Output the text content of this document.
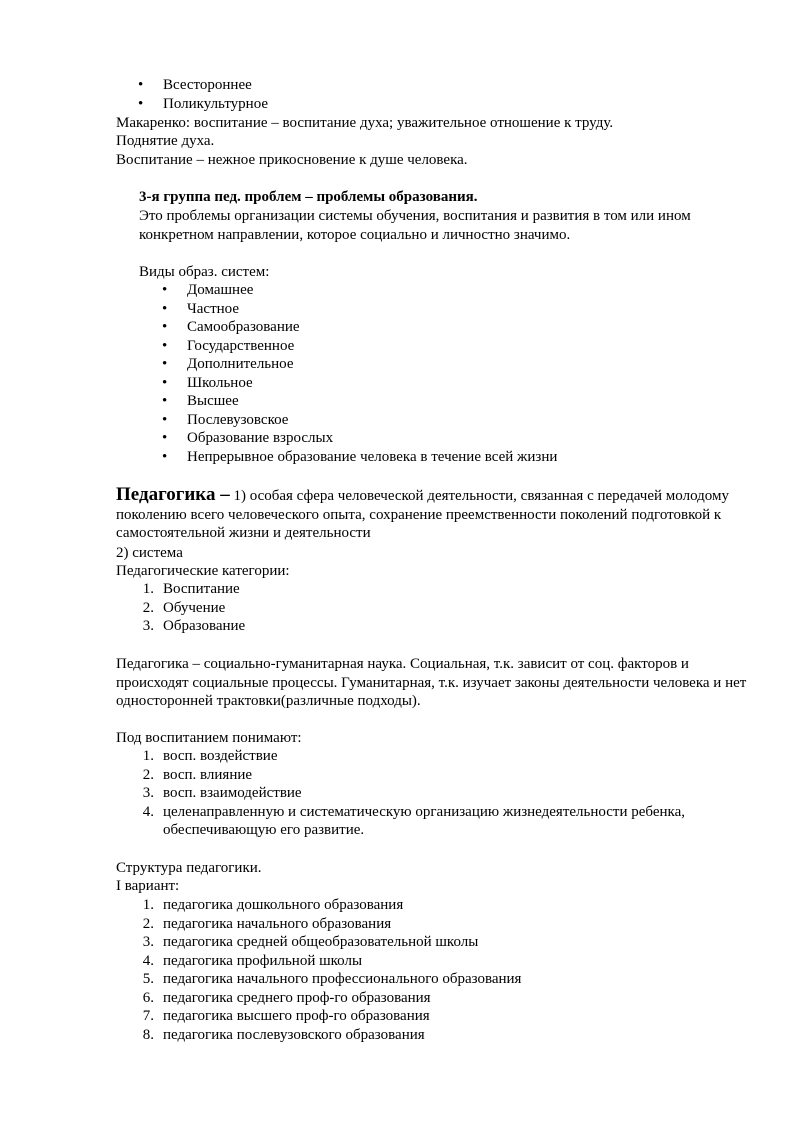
• Всестороннее
• Поликультурное

Макаренко: воспитание – воспитание духа; уважительное отношение к труду.

Поднятие духа.

Воспитание – нежное прикосновение к душе человека.

3-я группа пед. проблем – проблемы образования.

Это проблемы организации системы обучения, воспитания и развития в том или ином конкретном направлении, которое социально и личностно значимо.

Виды образ. систем:

• Домашнее
• Частное
• Самообразование
• Государственное
• Дополнительное
• Школьное
• Высшее
• Послевузовское
• Образование взрослых
• Непрерывное образование человека в течение всей жизни

Педагогика – 1) особая сфера человеческой деятельности, связанная с передачей молодому поколению всего человеческого опыта, сохранение преемственности поколений подготовкой к самостоятельной жизни и деятельности

2) система

Педагогические категории:

1. Воспитание
2. Обучение
3. Образование

Педагогика – социально-гуманитарная наука. Социальная, т.к. зависит от соц. факторов и происходят социальные процессы. Гуманитарная, т.к. изучает законы деятельности человека и нет односторонней трактовки(различные подходы).

Под воспитанием понимают:

1. восп. воздействие
2. восп. влияние
3. восп. взаимодействие
4. целенаправленную и систематическую организацию жизнедеятельности ребенка, обеспечивающую его развитие.

Структура педагогики.

I вариант:

1. педагогика дошкольного образования
2. педагогика начального образования
3. педагогика средней общеобразовательной школы
4. педагогика профильной школы
5. педагогика начального профессионального образования
6. педагогика среднего проф-го образования
7. педагогика высшего проф-го образования
8. педагогика послевузовского образования
